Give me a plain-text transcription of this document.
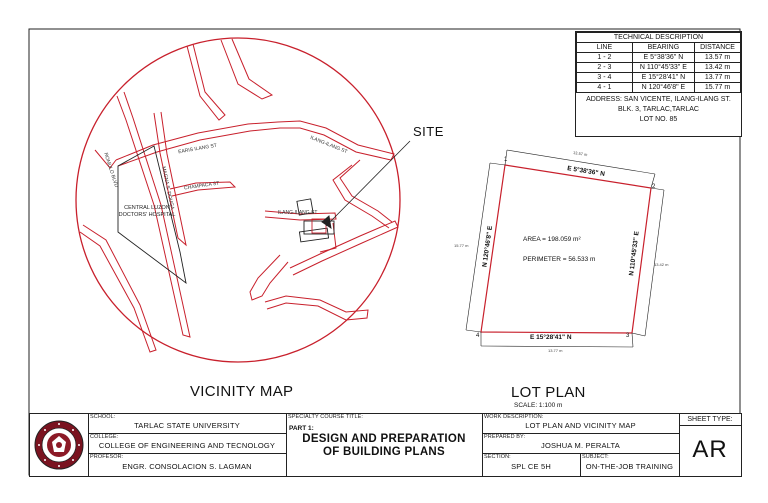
EARIS ILANG ST	ILANG-ILANG ST
ROMULO BLVD	MAGNA S. DOUGA CHAMPACA ST
ILANG-ILANG ST
CENTRAL LUZON
DOCTORS' HOSPITAL
SITE
VICINITY MAP
1
2
3
4
E 5°38'36" N
N 110°45'33" E
E 15°28'41" N
N 120°46'8" E
13.57 m
13.42 m
13.77 m
15.77 m
AREA = 198.059 m²
PERIMETER = 56.533 m
LOT PLAN
SCALE: 1:100 m
TECHNICAL DESCRIPTION		
LINE	BEARING	DISTANCE
1 - 2	E 5°38'36" N	13.57 m
2 - 3	N 110°45'33" E	13.42 m
3 - 4	E 15°28'41" N	13.77 m
4 - 1	N 120°46'8" E	15.77 m
ADDRESS: SAN VICENTE, ILANG-ILANG ST.
BLK. 3, TARLAC,TARLAC
LOT NO. 85
SCHOOL:
TARLAC STATE UNIVERSITY
COLLEGE:
COLLEGE OF ENGINEERING AND TECNOLOGY
PROFESOR:
ENGR. CONSOLACION S. LAGMAN
SPECIALTY COURSE TITLE:
PART 1:
DESIGN AND PREPARATION
OF BUILDING PLANS
WORK DESCRIPTION:
LOT PLAN AND VICINITY MAP
PREPARED BY:
JOSHUA M. PERALTA
SECTION:
SPL CE 5H
SUBJECT:
ON-THE-JOB TRAINING
SHEET TYPE:
AR
